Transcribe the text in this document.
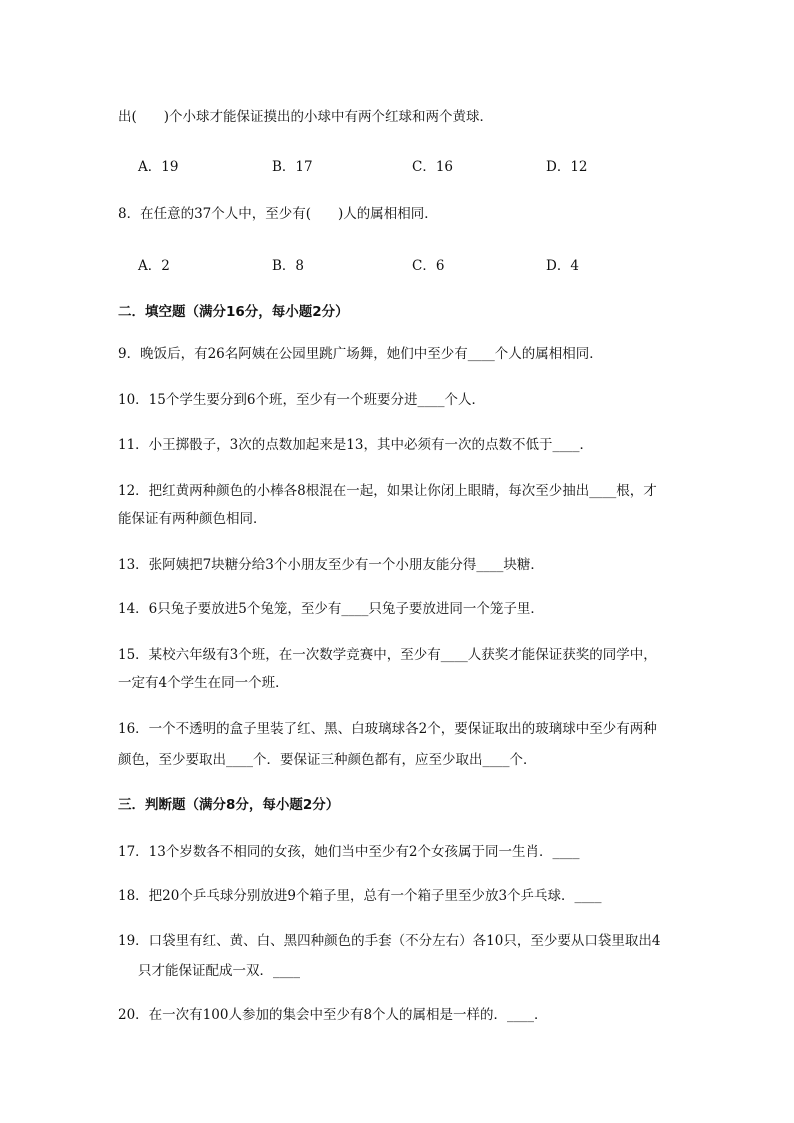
出(　　)个小球才能保证摸出的小球中有两个红球和两个黄球．
A．19	B．17	C．16	D．12
8．在任意的37个人中，至少有(　　)人的属相相同．
A．2	B．8	C．6	D．4
二．填空题（满分16分，每小题2分）
9．晚饭后，有26名阿姨在公园里跳广场舞，她们中至少有____个人的属相相同．
10．15个学生要分到6个班，至少有一个班要分进____个人．
11．小王掷骰子，3次的点数加起来是13，其中必须有一次的点数不低于____．
12．把红黄两种颜色的小棒各8根混在一起，如果让你闭上眼睛，每次至少抽出____根，才
能保证有两种颜色相同．
13．张阿姨把7块糖分给3个小朋友至少有一个小朋友能分得____块糖．
14．6只兔子要放进5个兔笼，至少有____只兔子要放进同一个笼子里．
15．某校六年级有3个班，在一次数学竞赛中，至少有____人获奖才能保证获奖的同学中，
一定有4个学生在同一个班．
16．一个不透明的盒子里装了红、黑、白玻璃球各2个，要保证取出的玻璃球中至少有两种
颜色，至少要取出____个．要保证三种颜色都有，应至少取出____个．
三．判断题（满分8分，每小题2分）
17．13个岁数各不相同的女孩，她们当中至少有2个女孩属于同一生肖．____
18．把20个乒乓球分别放进9个箱子里，总有一个箱子里至少放3个乒乓球．____
19．口袋里有红、黄、白、黑四种颜色的手套（不分左右）各10只，至少要从口袋里取出4
只才能保证配成一双．____
20．在一次有100人参加的集会中至少有8个人的属相是一样的．____．
